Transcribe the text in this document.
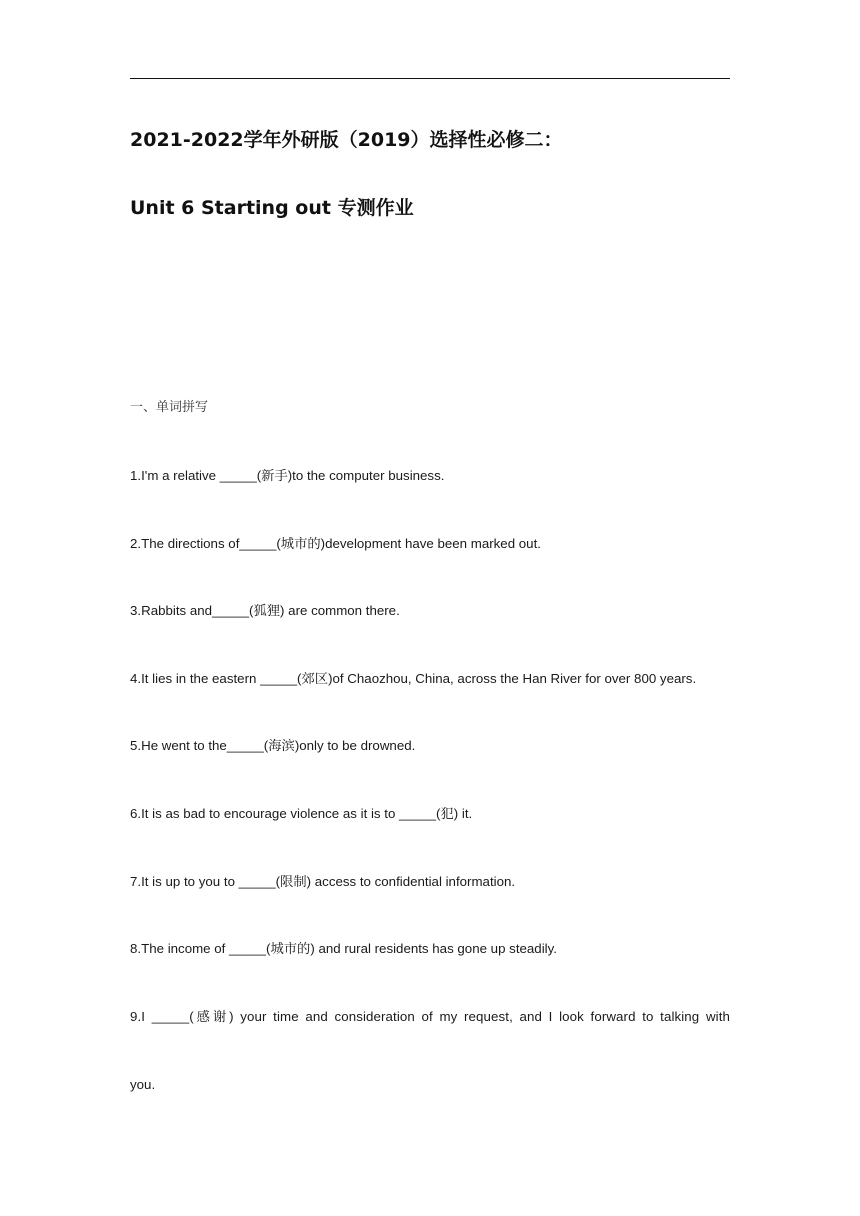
2021-2022学年外研版（2019）选择性必修二：
Unit 6 Starting out 专测作业
一、单词拼写
1.I'm a relative _____(新手)to the computer business.
2.The directions of_____(城市的)development have been marked out.
3.Rabbits and_____(狐狸) are common there.
4.It lies in the eastern _____(郊区)of Chaozhou, China, across the Han River for over 800 years.
5.He went to the_____(海滨)only to be drowned.
6.It is as bad to encourage violence as it is to _____(犯) it.
7.It is up to you to _____(限制) access to confidential information.
8.The income of _____(城市的) and rural residents has gone up steadily.
9.I _____(感谢) your time and consideration of my request, and I look forward to talking with
you.
